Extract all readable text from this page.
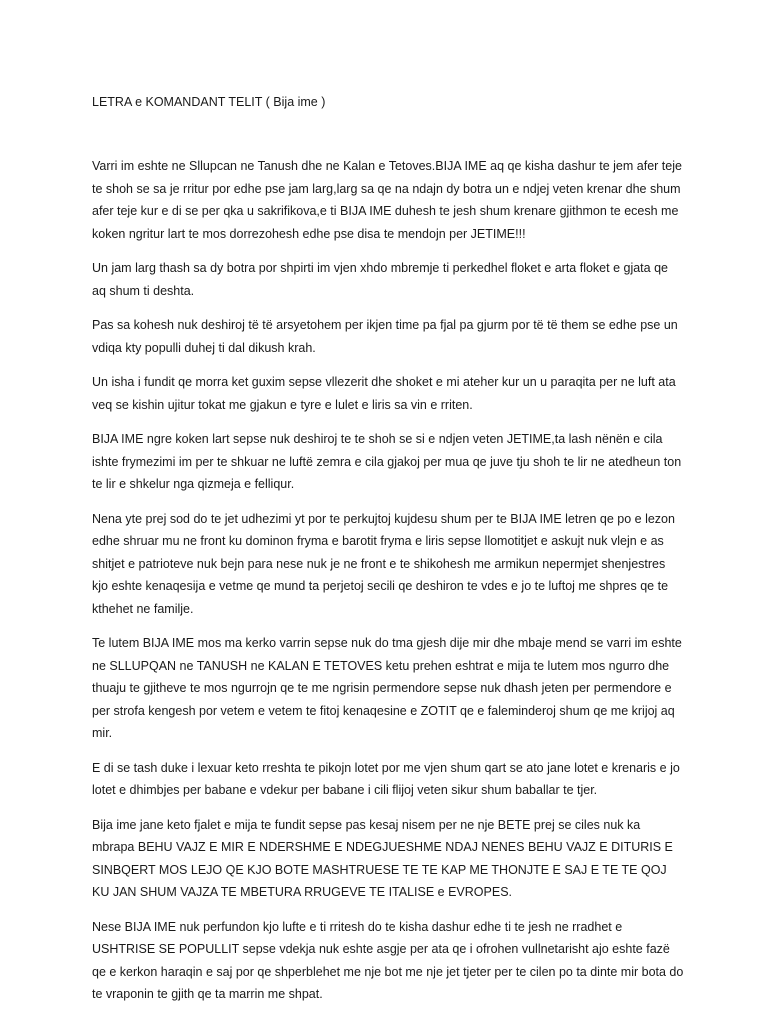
LETRA e KOMANDANT TELIT ( Bija ime )

Varri im eshte ne Sllupcan ne Tanush dhe ne Kalan e Tetoves.BIJA IME aq qe kisha dashur te jem afer teje te shoh se sa je rritur por edhe pse jam larg,larg sa qe na ndajn dy botra un e ndjej veten krenar dhe shum afer teje kur e di se per qka u sakrifikova,e ti BIJA IME duhesh te jesh shum krenare gjithmon te ecesh me koken ngritur lart te mos dorrezohesh edhe pse disa te mendojn per JETIME!!!

Un jam larg thash sa dy botra por shpirti im vjen xhdo mbremje ti perkedhel floket e arta floket e gjata qe aq shum ti deshta.

Pas sa kohesh nuk deshiroj të të arsyetohem per ikjen time pa fjal pa gjurm por të të them se edhe pse un vdiqa kty populli duhej ti dal dikush krah.

Un isha i fundit qe morra ket guxim sepse vllezerit dhe shoket e mi ateher kur un u paraqita per ne luft ata veq se kishin ujitur tokat me gjakun e tyre e lulet e liris sa vin e rriten.

BIJA IME ngre koken lart sepse nuk deshiroj te te shoh se si e ndjen veten JETIME,ta lash nënën e cila ishte frymezimi im per te shkuar ne luftë zemra e cila gjakoj per mua qe juve tju shoh te lir ne atedheun ton te lir e shkelur nga qizmeja e felliqur.

Nena yte prej sod do te jet udhezimi yt por te perkujtoj kujdesu shum per te BIJA IME letren qe po e lezon edhe shruar mu ne front ku dominon fryma e barotit fryma e liris sepse llomotitjet e askujt nuk vlejn e as shitjet e patrioteve nuk bejn para nese nuk je ne front e te shikohesh me armikun nepermjet shenjestres kjo eshte kenaqesija e vetme qe mund ta perjetoj secili qe deshiron te vdes e jo te luftoj me shpres qe te kthehet ne familje.

Te lutem BIJA IME mos ma kerko varrin sepse nuk do tma gjesh dije mir dhe mbaje mend se varri im eshte ne SLLUPQAN ne TANUSH ne KALAN E TETOVES ketu prehen eshtrat e mija te lutem mos ngurro dhe thuaju te gjitheve te mos ngurrojn qe te me ngrisin permendore sepse nuk dhash jeten per permendore e per strofa kengesh por vetem e vetem te fitoj kenaqesine e ZOTIT qe e faleminderoj shum qe me krijoj aq mir.

E di se tash duke i lexuar keto rreshta te pikojn lotet por me vjen shum qart se ato jane lotet e krenaris e jo lotet e dhimbjes per babane e vdekur per babane i cili flijoj veten sikur shum baballar te tjer.

Bija ime jane keto fjalet e mija te fundit sepse pas kesaj nisem per ne nje BETE prej se ciles nuk ka mbrapa BEHU VAJZ E MIR E NDERSHME E NDEGJUESHME NDAJ NENES BEHU VAJZ E DITURIS E SINBQERT MOS LEJO QE KJO BOTE MASHTRUESE TE TE KAP ME THONJTE E SAJ E TE TE QOJ KU JAN SHUM VAJZA TE MBETURA RRUGEVE TE ITALISE e EVROPES.

Nese BIJA IME nuk perfundon kjo lufte e ti rritesh do te kisha dashur edhe ti te jesh ne rradhet e USHTRISE SE POPULLIT sepse vdekja nuk eshte asgje per ata qe i ofrohen vullnetarisht ajo eshte fazë qe e kerkon haraqin e saj por qe shperblehet me nje bot me nje jet tjeter per te cilen po ta dinte mir bota do te vraponin te gjith qe ta marrin me shpat.
